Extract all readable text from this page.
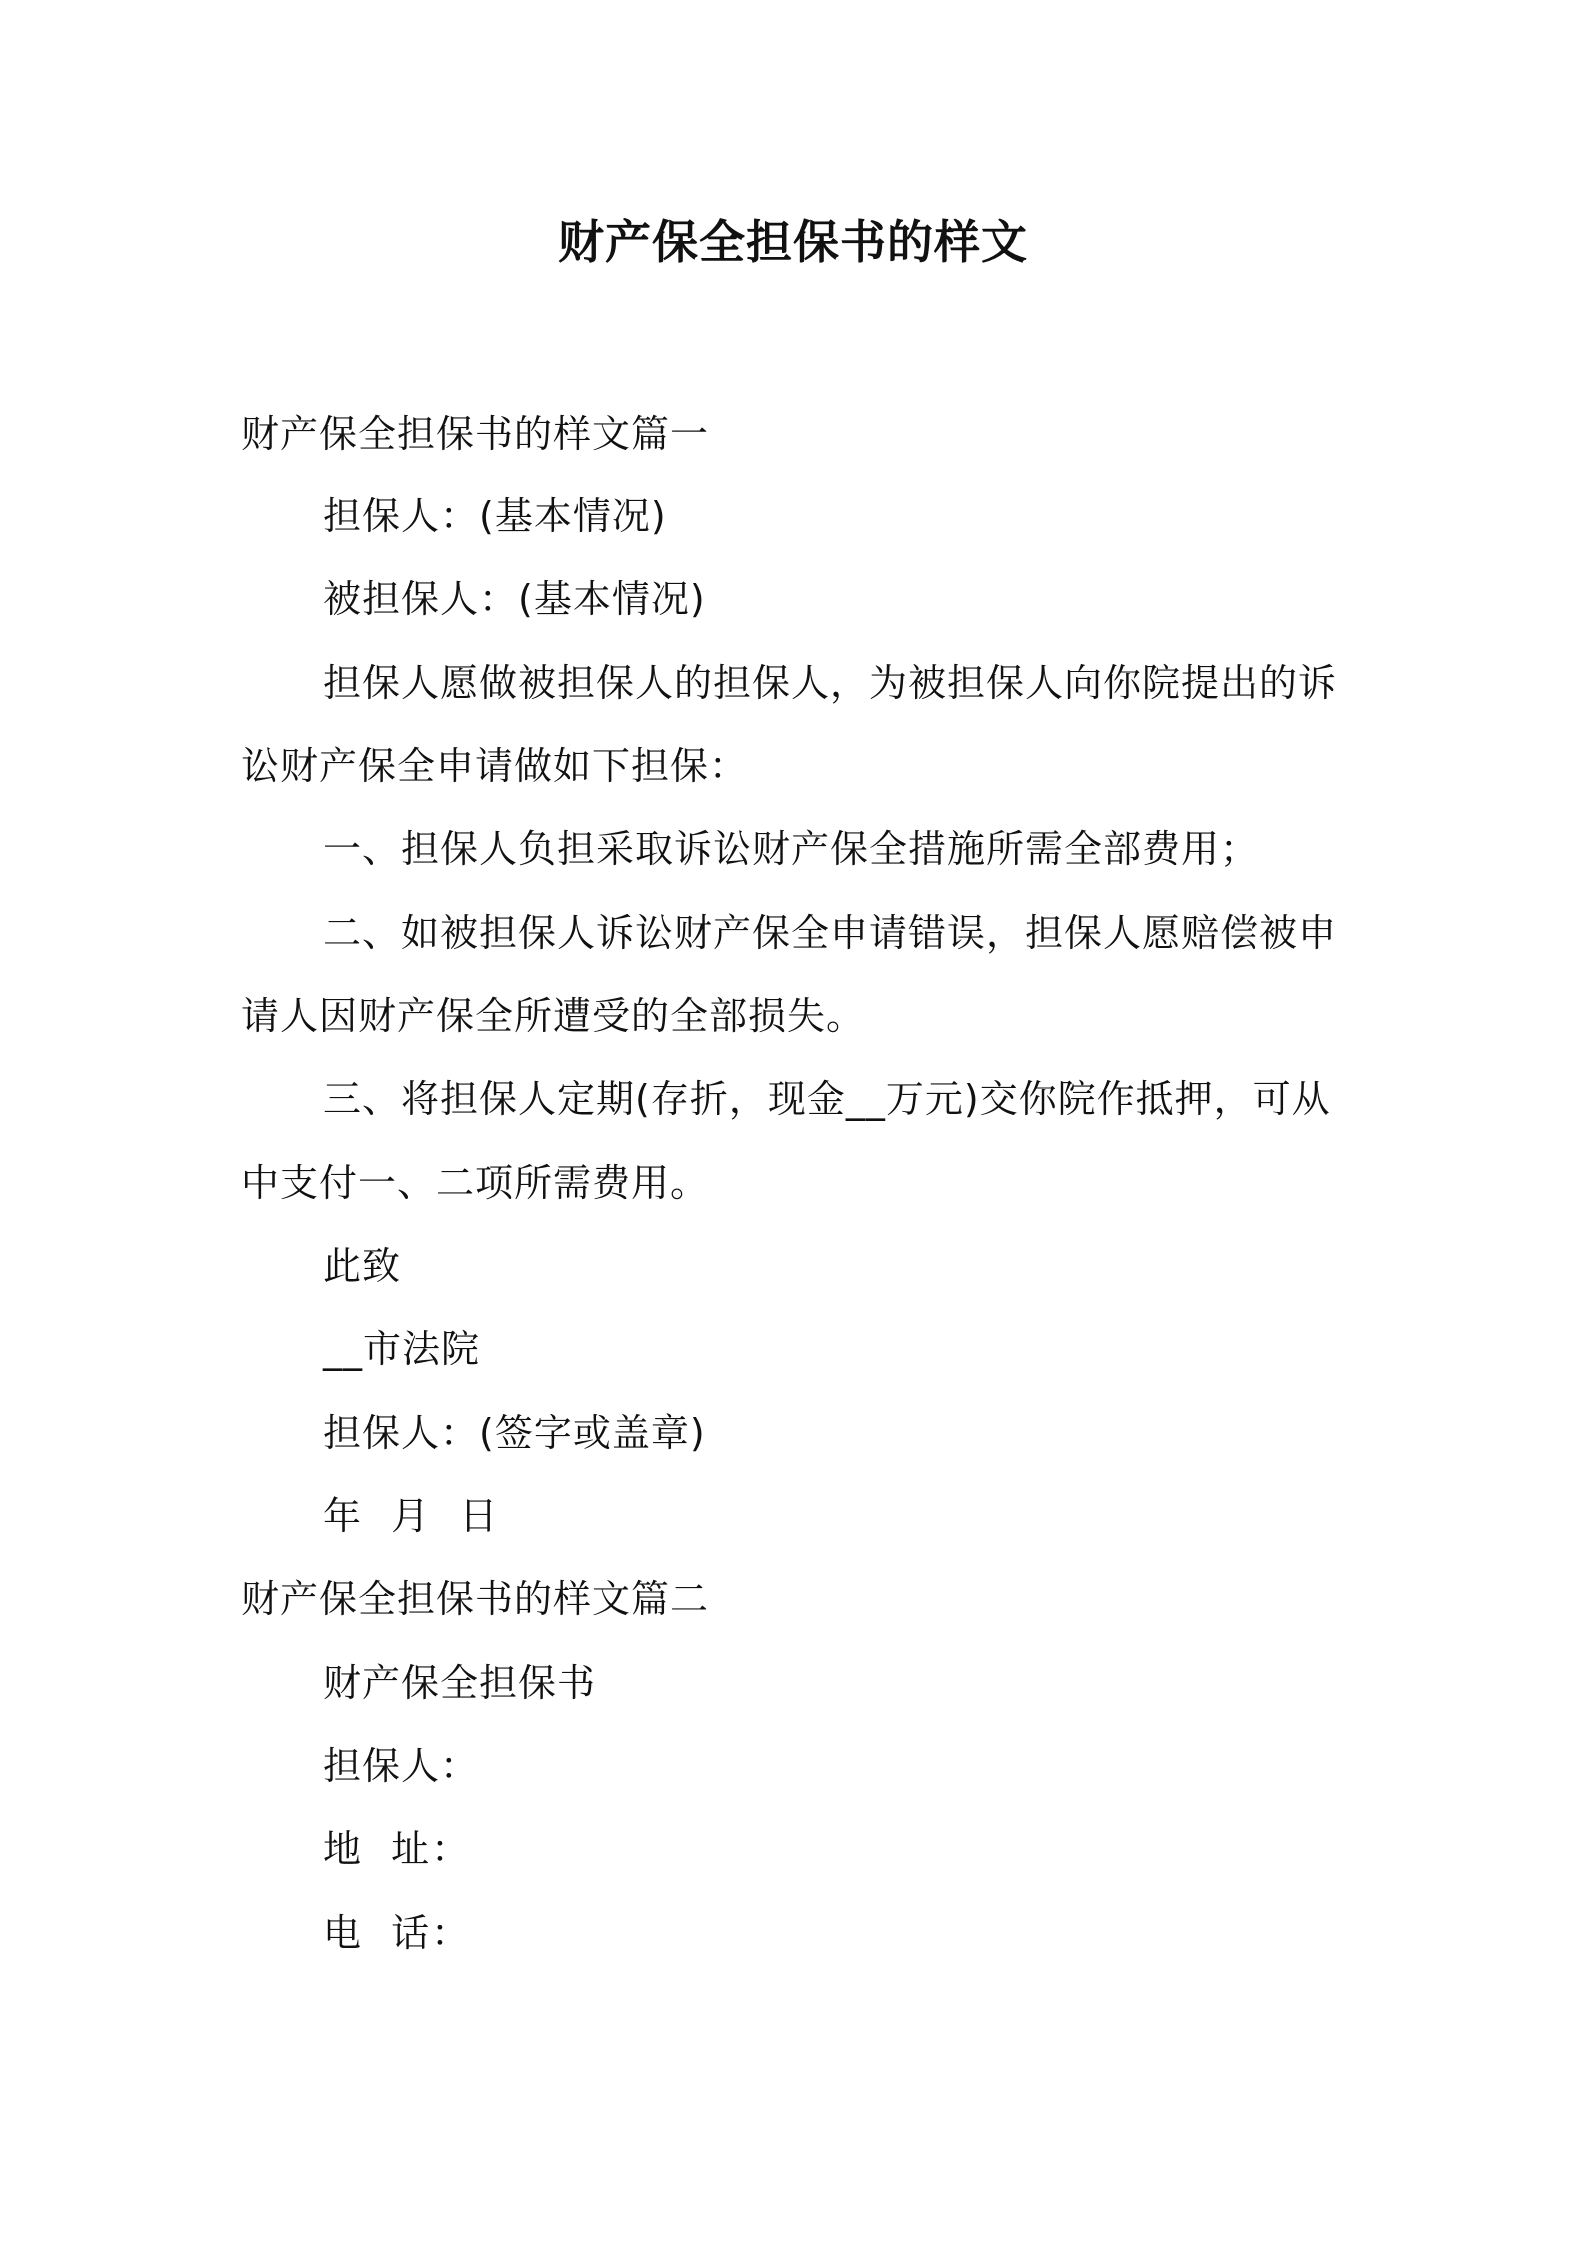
财产保全担保书的样文
财产保全担保书的样文篇一
担保人：(基本情况)
被担保人：(基本情况)
担保人愿做被担保人的担保人，为被担保人向你院提出的诉
讼财产保全申请做如下担保：
一、担保人负担采取诉讼财产保全措施所需全部费用；
二、如被担保人诉讼财产保全申请错误，担保人愿赔偿被申
请人因财产保全所遭受的全部损失。
三、将担保人定期(存折，现金__万元)交你院作抵押，可从
中支付一、二项所需费用。
此致
__市法院
担保人：(签字或盖章)
年  月  日
财产保全担保书的样文篇二
财产保全担保书
担保人：
地  址：
电  话：
